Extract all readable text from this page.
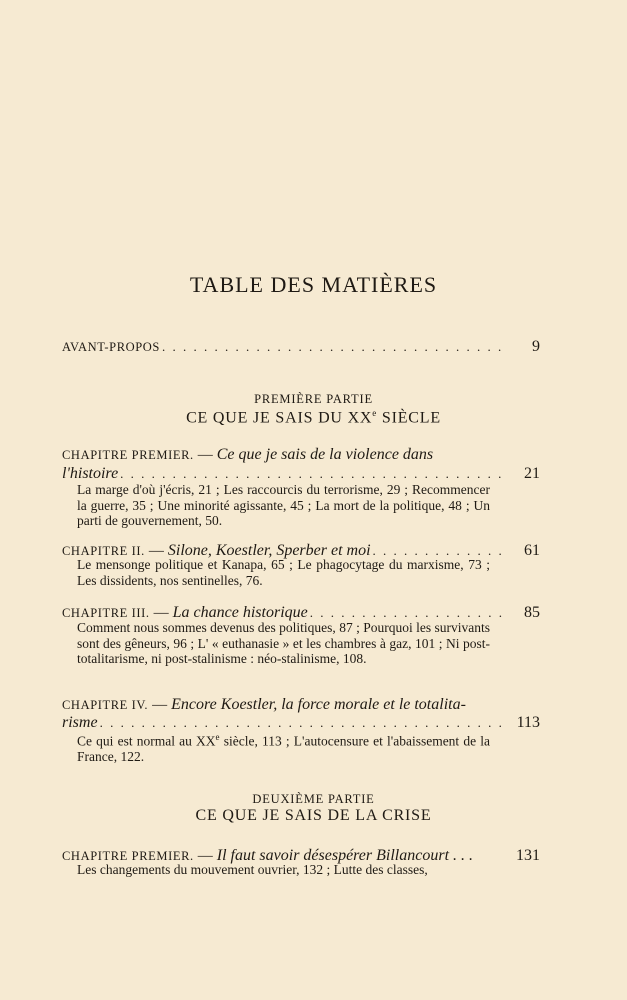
TABLE DES MATIÈRES
AVANT-PROPOS . . .	9
PREMIÈRE PARTIE
CE QUE JE SAIS DU XXe SIÈCLE
CHAPITRE PREMIER. — Ce que je sais de la violence dans
l'histoire . . .	21
La marge d'où j'écris, 21 ; Les raccourcis du terrorisme, 29 ; Recommencer la guerre, 35 ; Une minorité agissante, 45 ; La mort de la politique, 48 ; Un parti de gouvernement, 50.
CHAPITRE II. — Silone, Koestler, Sperber et moi . . .	61
Le mensonge politique et Kanapa, 65 ; Le phagocytage du marxisme, 73 ; Les dissidents, nos sentinelles, 76.
CHAPITRE III. — La chance historique . . .	85
Comment nous sommes devenus des politiques, 87 ; Pourquoi les survivants sont des gêneurs, 96 ; L' « euthanasie » et les chambres à gaz, 101 ; Ni post-totalitarisme, ni post-stalinisme : néo-stalinisme, 108.
CHAPITRE IV. — Encore Koestler, la force morale et le totalita-
risme . . .	113
Ce qui est normal au XXe siècle, 113 ; L'autocensure et l'abaissement de la France, 122.
DEUXIÈME PARTIE
CE QUE JE SAIS DE LA CRISE
CHAPITRE PREMIER. — Il faut savoir désespérer Billancourt . . .	131
Les changements du mouvement ouvrier, 132 ; Lutte des classes,
